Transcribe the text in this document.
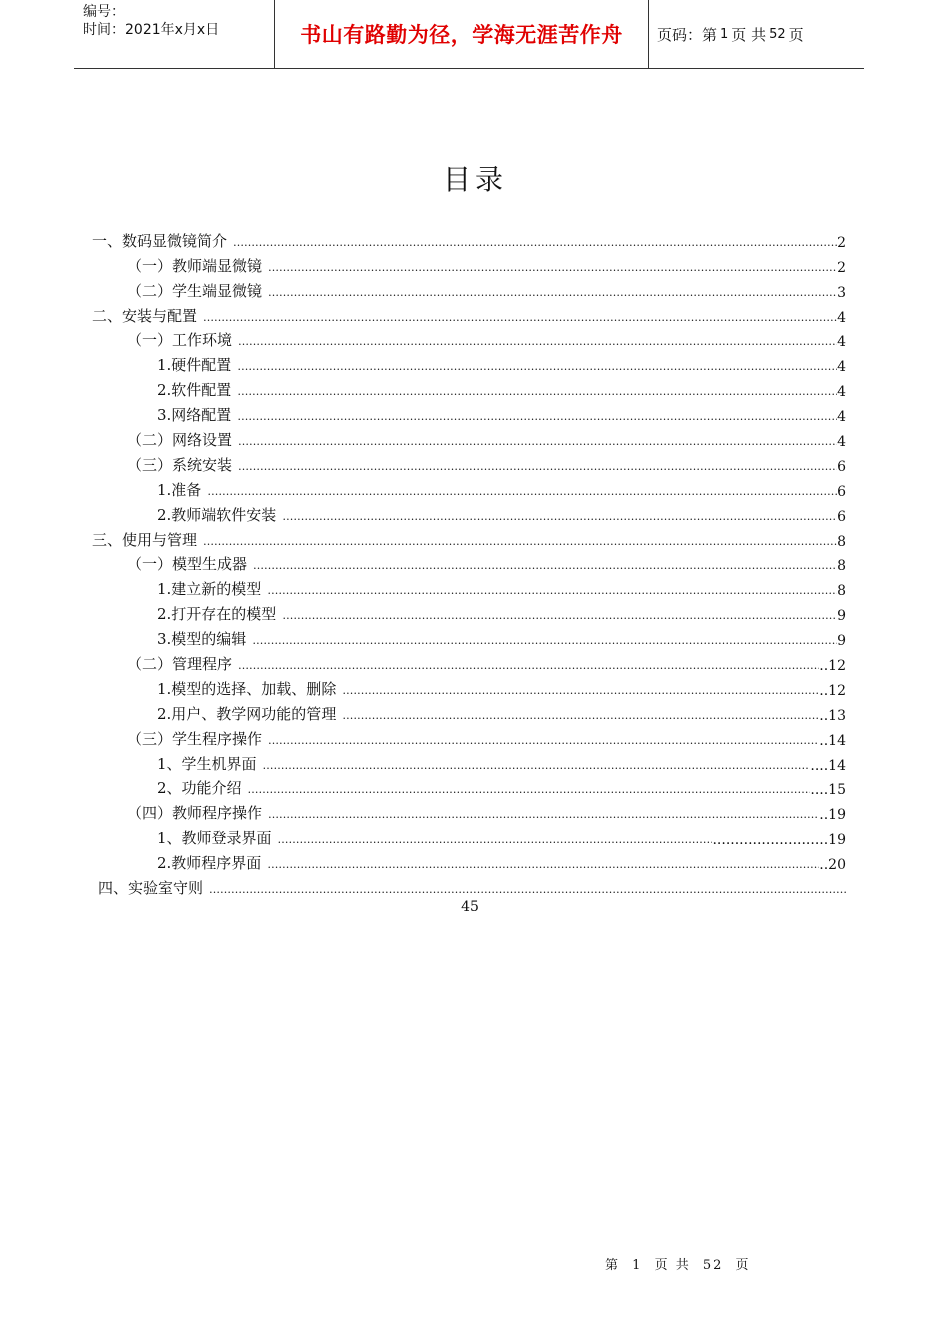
编号：
时间：2021年x月x日	书山有路勤为径，学海无涯苦作舟 页码：第 1 页 共 52 页
目录
一、数码显微镜简介 ……………………………………………………………………………………………………………………………………………………………………………………………………………	2
（一）教师端显微镜 ……………………………………………………………………………………………………………………………………………………………………………………………………………	2
（二）学生端显微镜 ……………………………………………………………………………………………………………………………………………………………………………………………………………	3
二、安装与配置 ……………………………………………………………………………………………………………………………………………………………………………………………………………	4
（一）工作环境 ……………………………………………………………………………………………………………………………………………………………………………………………………………	4
1.硬件配置 ……………………………………………………………………………………………………………………………………………………………………………………………………………	4
2.软件配置 ……………………………………………………………………………………………………………………………………………………………………………………………………………	4
3.网络配置 ……………………………………………………………………………………………………………………………………………………………………………………………………………	4
（二）网络设置 ……………………………………………………………………………………………………………………………………………………………………………………………………………	4
（三）系统安装 ……………………………………………………………………………………………………………………………………………………………………………………………………………	6
1.准备 ……………………………………………………………………………………………………………………………………………………………………………………………………………	6
2.教师端软件安装 ……………………………………………………………………………………………………………………………………………………………………………………………………………	6
三、使用与管理 ……………………………………………………………………………………………………………………………………………………………………………………………………………	8
（一）模型生成器 ……………………………………………………………………………………………………………………………………………………………………………………………………………	8
1.建立新的模型 ……………………………………………………………………………………………………………………………………………………………………………………………………………	8
2.打开存在的模型 ……………………………………………………………………………………………………………………………………………………………………………………………………………	9
3.模型的编辑 ……………………………………………………………………………………………………………………………………………………………………………………………………………	9
（二）管理程序 ……………………………………………………………………………………………………………………………………………………………………………………………………………	..12
1.模型的选择、加载、删除 ……………………………………………………………………………………………………………………………………………………………………………………………………………	..12
2.用户、教学网功能的管理 ……………………………………………………………………………………………………………………………………………………………………………………………………………	..13
（三）学生程序操作 ……………………………………………………………………………………………………………………………………………………………………………………………………………	..14
1、学生机界面 ……………………………………………………………………………………………………………………………………………………………………………………………………………	....14
2、功能介绍 ……………………………………………………………………………………………………………………………………………………………………………………………………………	....15
（四）教师程序操作 ……………………………………………………………………………………………………………………………………………………………………………………………………………	..19
1、教师登录界面 ……………………………………………………………………………………………………………………………………………………………………………………………………………	..........................19
2.教师程序界面 ……………………………………………………………………………………………………………………………………………………………………………………………………………	..20
四、实验室守则
……………………………………………………………………………………………………………………………………………………………………………………………………………
45
第 1 页 共 52 页
